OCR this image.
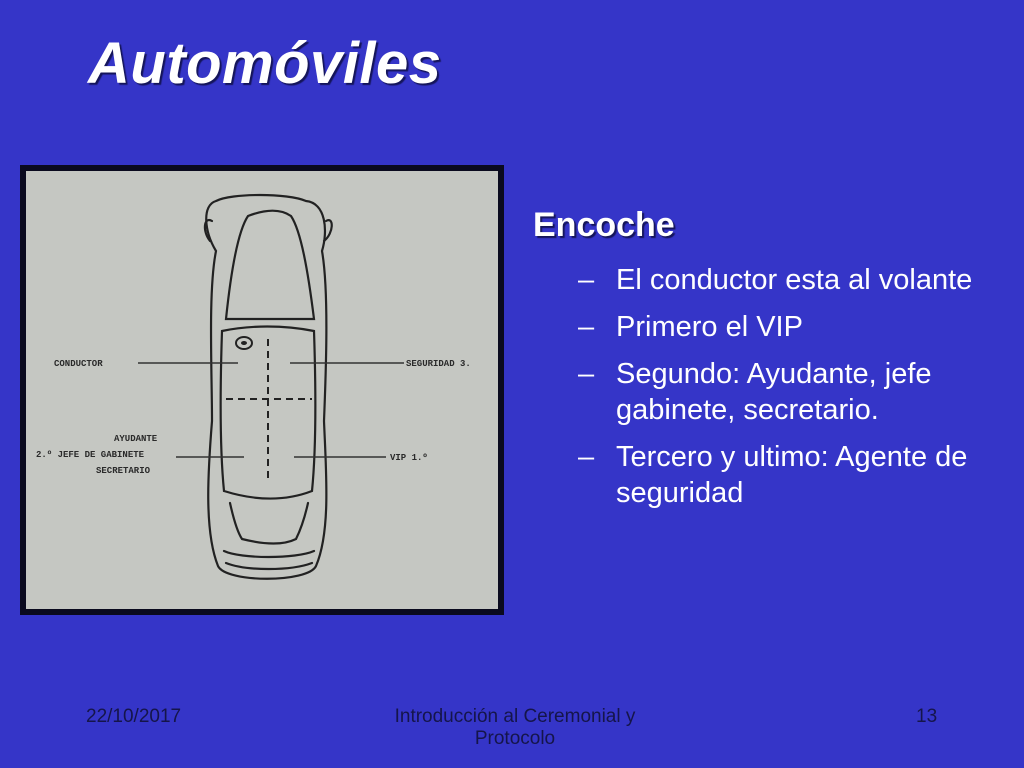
Automóviles
CONDUCTOR	SEGURIDAD 3.
AYUDANTE
2.º JEFE DE GABINETE
SECRETARIO
VIP 1.º
Encoche
– El conductor esta al volante
– Primero el VIP
– Segundo: Ayudante, jefe gabinete, secretario.
– Tercero y ultimo: Agente de seguridad
22/10/2017	Introducción al Ceremonial y Protocolo
13
